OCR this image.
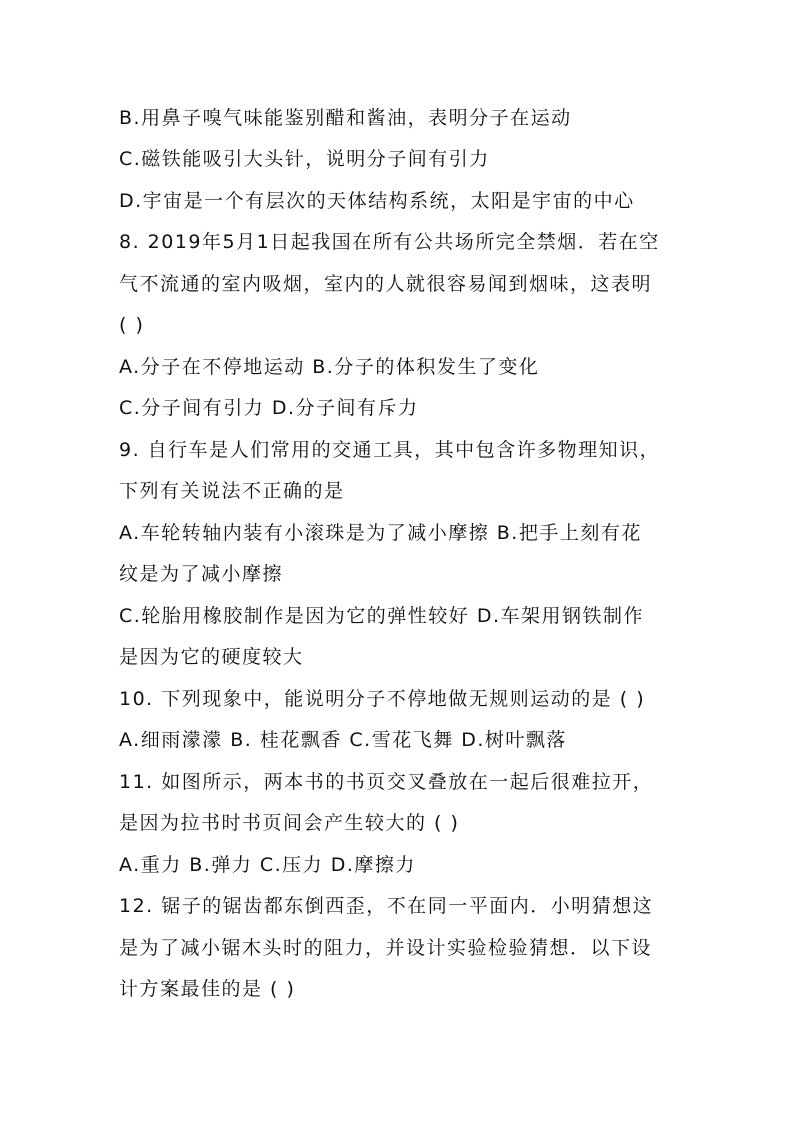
B.用鼻子嗅气味能鉴别醋和酱油，表明分子在运动
C.磁铁能吸引大头针，说明分子间有引力
D.宇宙是一个有层次的天体结构系统，太阳是宇宙的中心
8. 2019年5月1日起我国在所有公共场所完全禁烟．若在空
气不流通的室内吸烟，室内的人就很容易闻到烟味，这表明
( )
A.分子在不停地运动 B.分子的体积发生了变化
C.分子间有引力 D.分子间有斥力
9. 自行车是人们常用的交通工具，其中包含许多物理知识，
下列有关说法不正确的是
A.车轮转轴内装有小滚珠是为了减小摩擦 B.把手上刻有花
纹是为了减小摩擦
C.轮胎用橡胶制作是因为它的弹性较好 D.车架用钢铁制作
是因为它的硬度较大
10. 下列现象中，能说明分子不停地做无规则运动的是 ( )
A.细雨濛濛 B. 桂花飘香 C.雪花飞舞 D.树叶飘落
11. 如图所示，两本书的书页交叉叠放在一起后很难拉开，
是因为拉书时书页间会产生较大的 ( )
A.重力 B.弹力 C.压力 D.摩擦力
12. 锯子的锯齿都东倒西歪，不在同一平面内．小明猜想这
是为了减小锯木头时的阻力，并设计实验检验猜想．以下设
计方案最佳的是 ( )
